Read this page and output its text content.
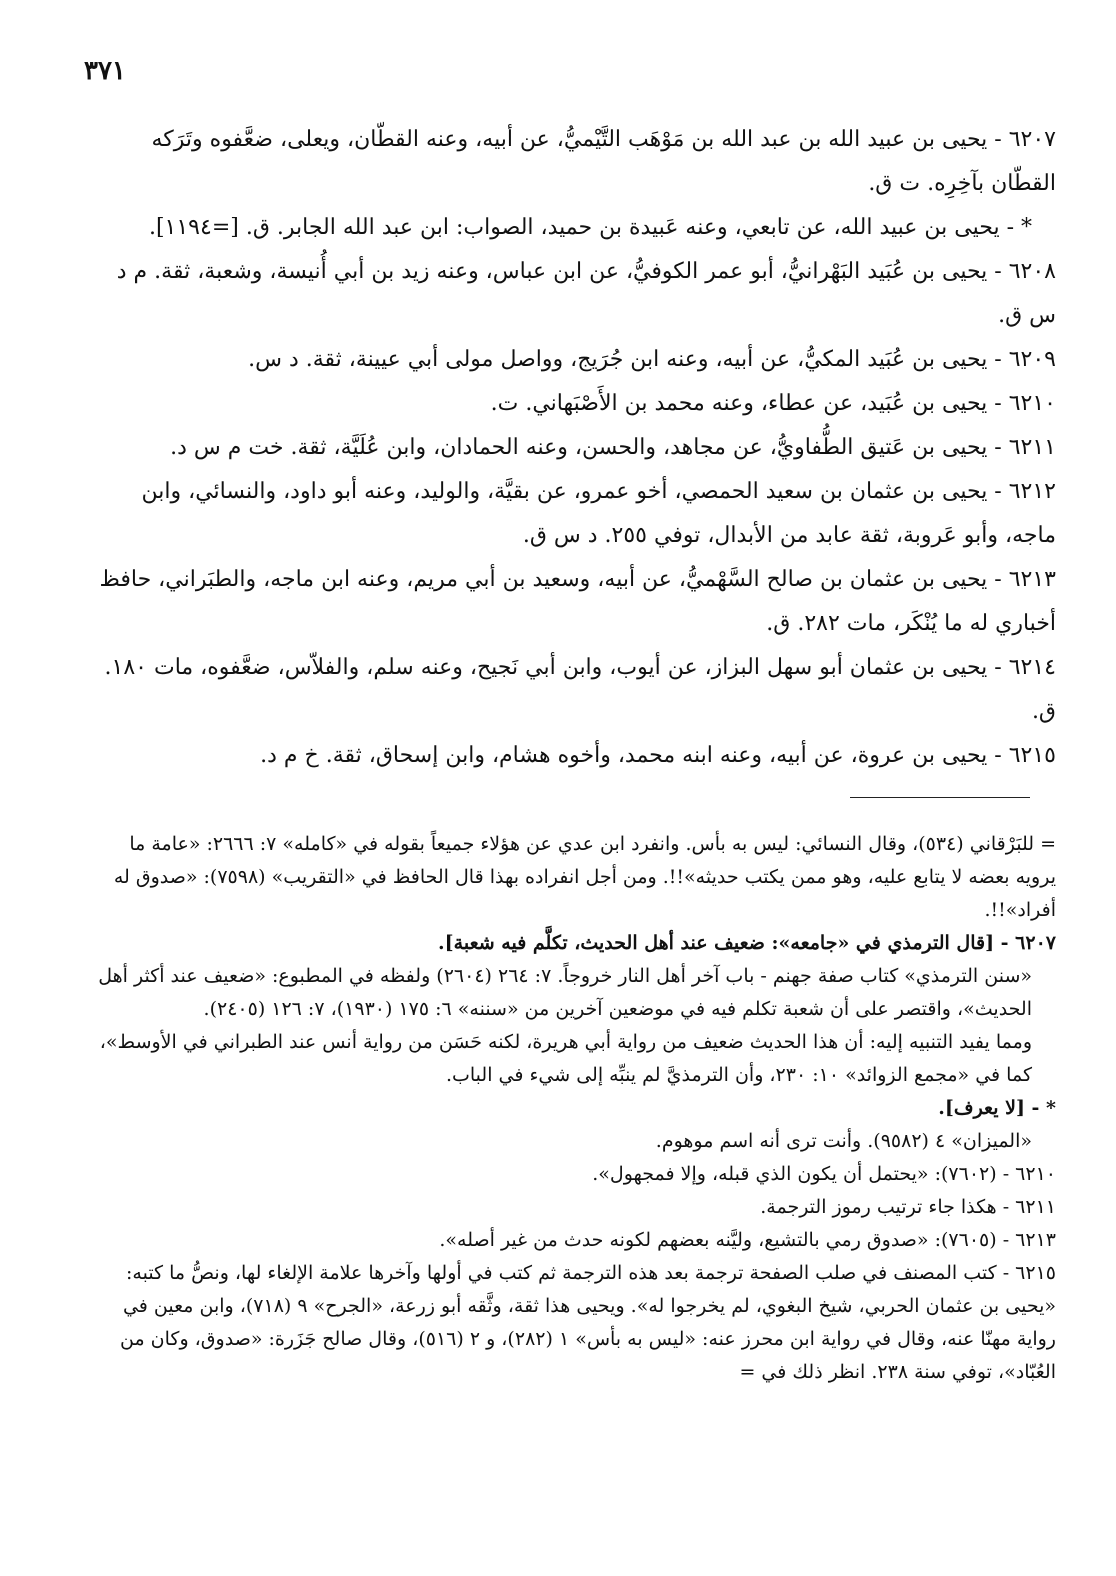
٣٧١
٦٢٠٧ - يحيى بن عبيد الله بن عبد الله بن مَوْهَب التَّيْميُّ، عن أبيه، وعنه القطّان، ويعلى، ضعَّفوه وتَرَكه القطّان بآخِرِه. ت ق.
* - يحيى بن عبيد الله، عن تابعي، وعنه عَبيدة بن حميد، الصواب: ابن عبد الله الجابر. ق. [=١١٩٤].
٦٢٠٨ - يحيى بن عُبَيد البَهْرانيُّ، أبو عمر الكوفيُّ، عن ابن عباس، وعنه زيد بن أبي أُنيسة، وشعبة، ثقة. م د س ق.
٦٢٠٩ - يحيى بن عُبَيد المكيُّ، عن أبيه، وعنه ابن جُرَيج، وواصل مولى أبي عيينة، ثقة. د س.
٦٢١٠ - يحيى بن عُبَيد، عن عطاء، وعنه محمد بن الأَصْبَهاني. ت.
٦٢١١ - يحيى بن عَتيق الطُّفاويُّ، عن مجاهد، والحسن، وعنه الحمادان، وابن عُلَيَّة، ثقة. خت م س د.
٦٢١٢ - يحيى بن عثمان بن سعيد الحمصي، أخو عمرو، عن بقيَّة، والوليد، وعنه أبو داود، والنسائي، وابن ماجه، وأبو عَروبة، ثقة عابد من الأبدال، توفي ٢٥٥. د س ق.
٦٢١٣ - يحيى بن عثمان بن صالح السَّهْميُّ، عن أبيه، وسعيد بن أبي مريم، وعنه ابن ماجه، والطبَراني، حافظ أخباري له ما يُنْكَر، مات ٢٨٢. ق.
٦٢١٤ - يحيى بن عثمان أبو سهل البزاز، عن أيوب، وابن أبي نَجيح، وعنه سلم، والفلاّس، ضعَّفوه، مات ١٨٠. ق.
٦٢١٥ - يحيى بن عروة، عن أبيه، وعنه ابنه محمد، وأخوه هشام، وابن إسحاق، ثقة. خ م د.
= للبَرْقاني (٥٣٤)، وقال النسائي: ليس به بأس. وانفرد ابن عدي عن هؤلاء جميعاً بقوله في «كامله» ٧: ٢٦٦٦: «عامة ما يرويه بعضه لا يتابع عليه، وهو ممن يكتب حديثه»!!. ومن أجل انفراده بهذا قال الحافظ في «التقريب» (٧٥٩٨): «صدوق له أفراد»!!.
٦٢٠٧ - [قال الترمذي في «جامعه»: ضعيف عند أهل الحديث، تكلَّم فيه شعبة].
«سنن الترمذي» كتاب صفة جهنم - باب آخر أهل النار خروجاً. ٧: ٢٦٤ (٢٦٠٤) ولفظه في المطبوع: «ضعيف عند أكثر أهل الحديث»، واقتصر على أن شعبة تكلم فيه في موضعين آخرين من «سننه» ٦: ١٧٥ (١٩٣٠)، ٧: ١٢٦ (٢٤٠٥).
ومما يفيد التنبيه إليه: أن هذا الحديث ضعيف من رواية أبي هريرة، لكنه حَسَن من رواية أنس عند الطبراني في الأوسط»، كما في «مجمع الزوائد» ١٠: ٢٣٠، وأن الترمذيَّ لم ينبِّه إلى شيء في الباب.
* - [لا يعرف].
«الميزان» ٤ (٩٥٨٢). وأنت ترى أنه اسم موهوم.
٦٢١٠ - (٧٦٠٢): «يحتمل أن يكون الذي قبله، وإلا فمجهول».
٦٢١١ - هكذا جاء ترتيب رموز الترجمة.
٦٢١٣ - (٧٦٠٥): «صدوق رمي بالتشيع، وليَّنه بعضهم لكونه حدث من غير أصله».
٦٢١٥ - كتب المصنف في صلب الصفحة ترجمة بعد هذه الترجمة ثم كتب في أولها وآخرها علامة الإلغاء لها، ونصُّ ما كتبه: «يحيى بن عثمان الحربي، شيخ البغوي، لم يخرجوا له». ويحيى هذا ثقة، وثَّقه أبو زرعة، «الجرح» ٩ (٧١٨)، وابن معين في رواية مهنّا عنه، وقال في رواية ابن محرز عنه: «ليس به بأس» ١ (٢٨٢)، و ٢ (٥١٦)، وقال صالح جَزَرة: «صدوق، وكان من العُبّاد»، توفي سنة ٢٣٨. انظر ذلك في =
